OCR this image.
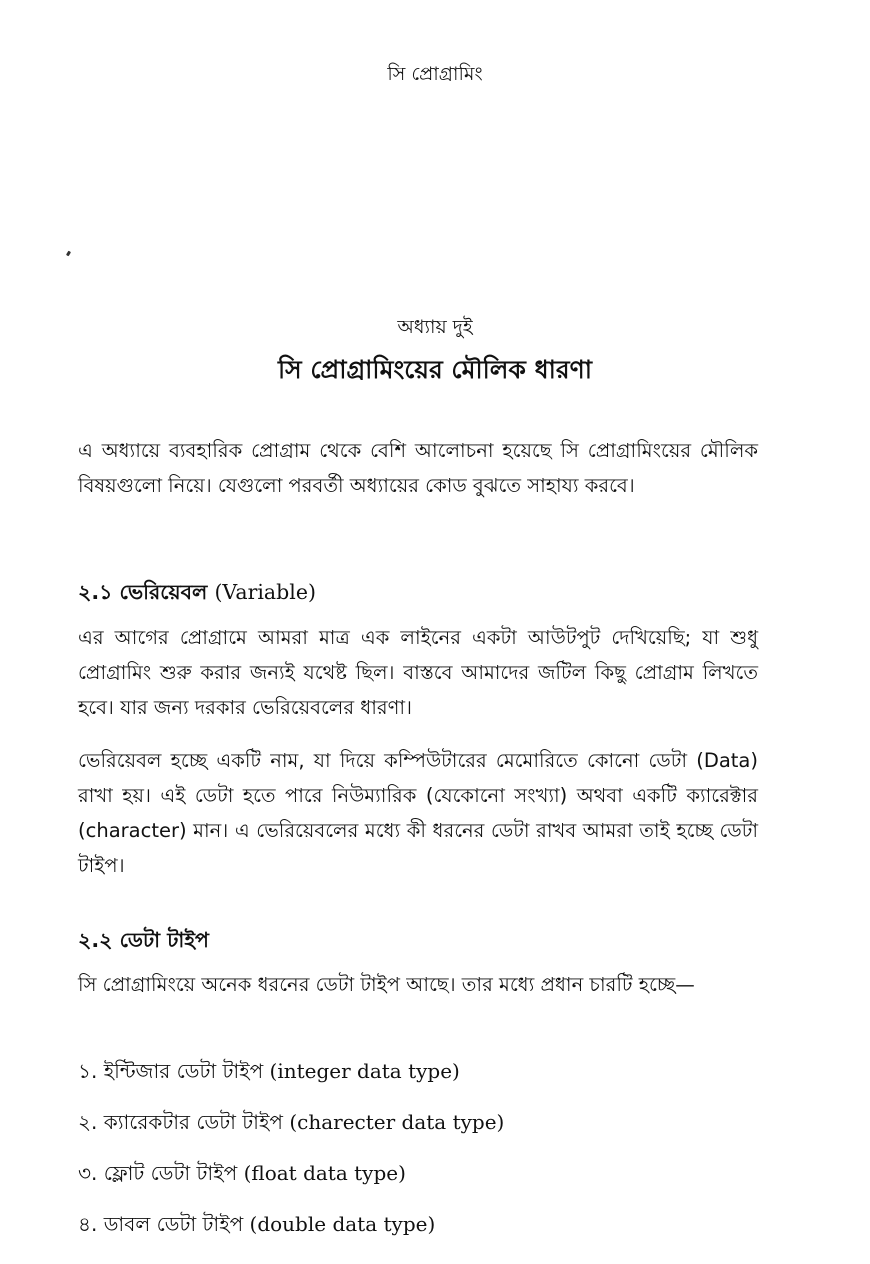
সি প্রোগ্রামিং
অধ্যায় দুই
সি প্রোগ্রামিংয়ের মৌলিক ধারণা
এ অধ্যায়ে ব্যবহারিক প্রোগ্রাম থেকে বেশি আলোচনা হয়েছে সি প্রোগ্রামিংয়ের মৌলিক বিষয়গুলো নিয়ে। যেগুলো পরবর্তী অধ্যায়ের কোড বুঝতে সাহায্য করবে।
২.১ ভেরিয়েবল (Variable)
এর আগের প্রোগ্রামে আমরা মাত্র এক লাইনের একটা আউটপুট দেখিয়েছি; যা শুধু প্রোগ্রামিং শুরু করার জন্যই যথেষ্ট ছিল। বাস্তবে আমাদের জটিল কিছু প্রোগ্রাম লিখতে হবে। যার জন্য দরকার ভেরিয়েবলের ধারণা।
ভেরিয়েবল হচ্ছে একটি নাম, যা দিয়ে কম্পিউটারের মেমোরিতে কোনো ডেটা (Data) রাখা হয়। এই ডেটা হতে পারে নিউম্যারিক (যেকোনো সংখ্যা) অথবা একটি ক্যারেক্টার (character) মান। এ ভেরিয়েবলের মধ্যে কী ধরনের ডেটা রাখব আমরা তাই হচ্ছে ডেটা টাইপ।
২.২ ডেটা টাইপ
সি প্রোগ্রামিংয়ে অনেক ধরনের ডেটা টাইপ আছে। তার মধ্যে প্রধান চারটি হচ্ছে—
১. ইন্টিজার ডেটা টাইপ (integer data type)
২. ক্যারেকটার ডেটা টাইপ (charecter data type)
৩. ফ্লোট ডেটা টাইপ (float data type)
৪. ডাবল ডেটা টাইপ (double data type)
